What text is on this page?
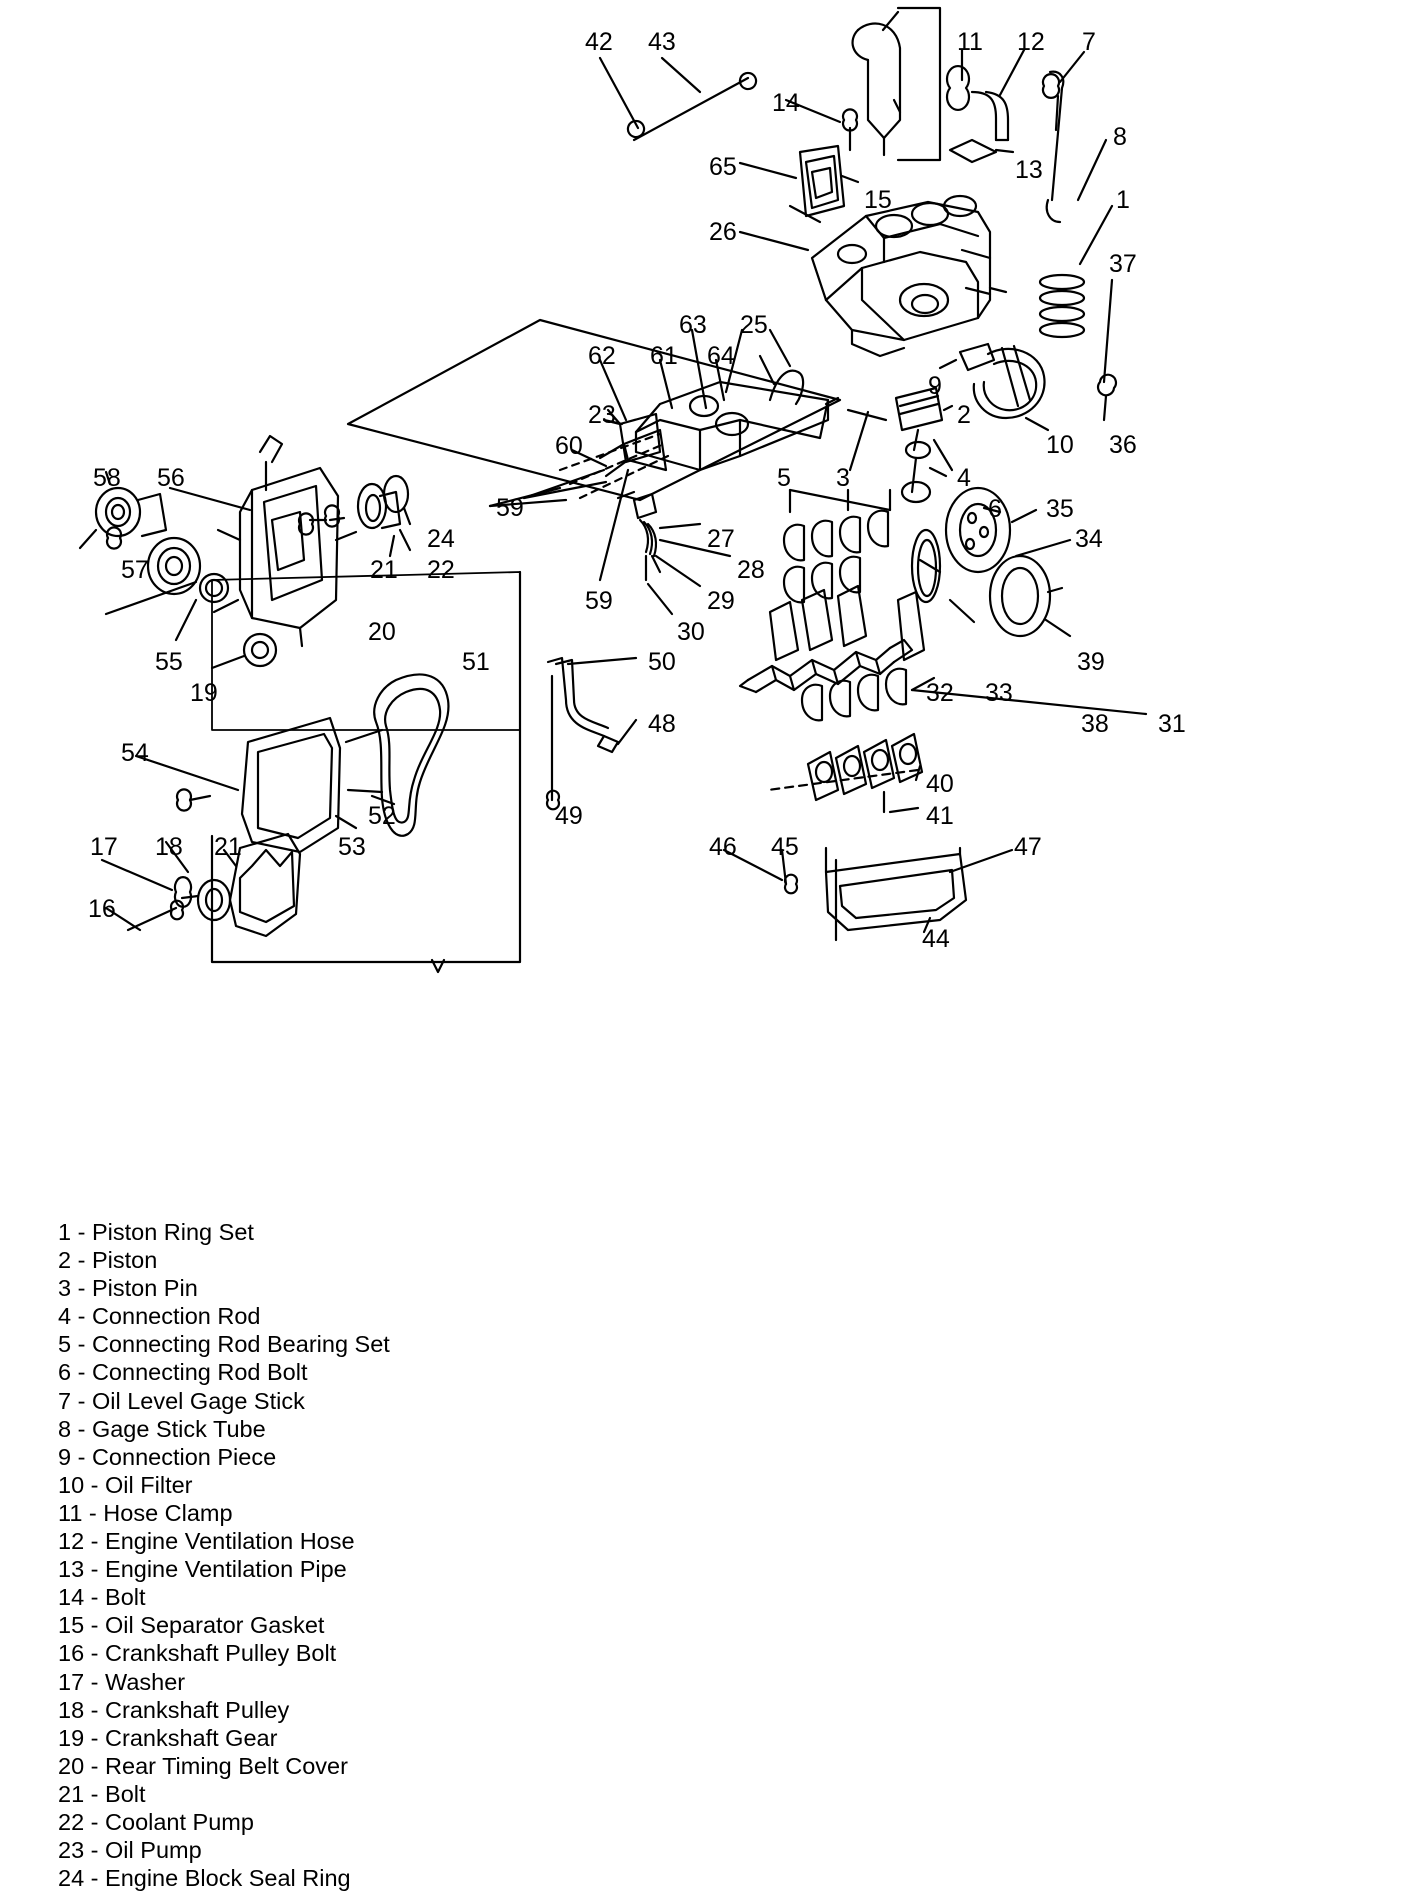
42 43	11 12 7
14
8
13
65
15	1
26
37
63 25
62 61 64
9
2
23
10 36
60
58 56	5 3	4
59	6 35
24	34
27
57	21 22	28
59	29
20	30
39
55
32 33
51	50
19
31
38
48
54
40
52
53
49	41
17 18 21	46 45	47
16
44
1 - Piston Ring Set
2 - Piston
3 - Piston Pin
4 - Connection Rod
5 - Connecting Rod Bearing Set
6 - Connecting Rod Bolt
7 - Oil Level Gage Stick
8 - Gage Stick Tube
9 - Connection Piece
10 - Oil Filter
11 - Hose Clamp
12 - Engine Ventilation Hose
13 - Engine Ventilation Pipe
14 - Bolt
15 - Oil Separator Gasket
16 - Crankshaft Pulley Bolt
17 - Washer
18 - Crankshaft Pulley
19 - Crankshaft Gear
20 - Rear Timing Belt Cover
21 - Bolt
22 - Coolant Pump
23 - Oil Pump
24 - Engine Block Seal Ring
